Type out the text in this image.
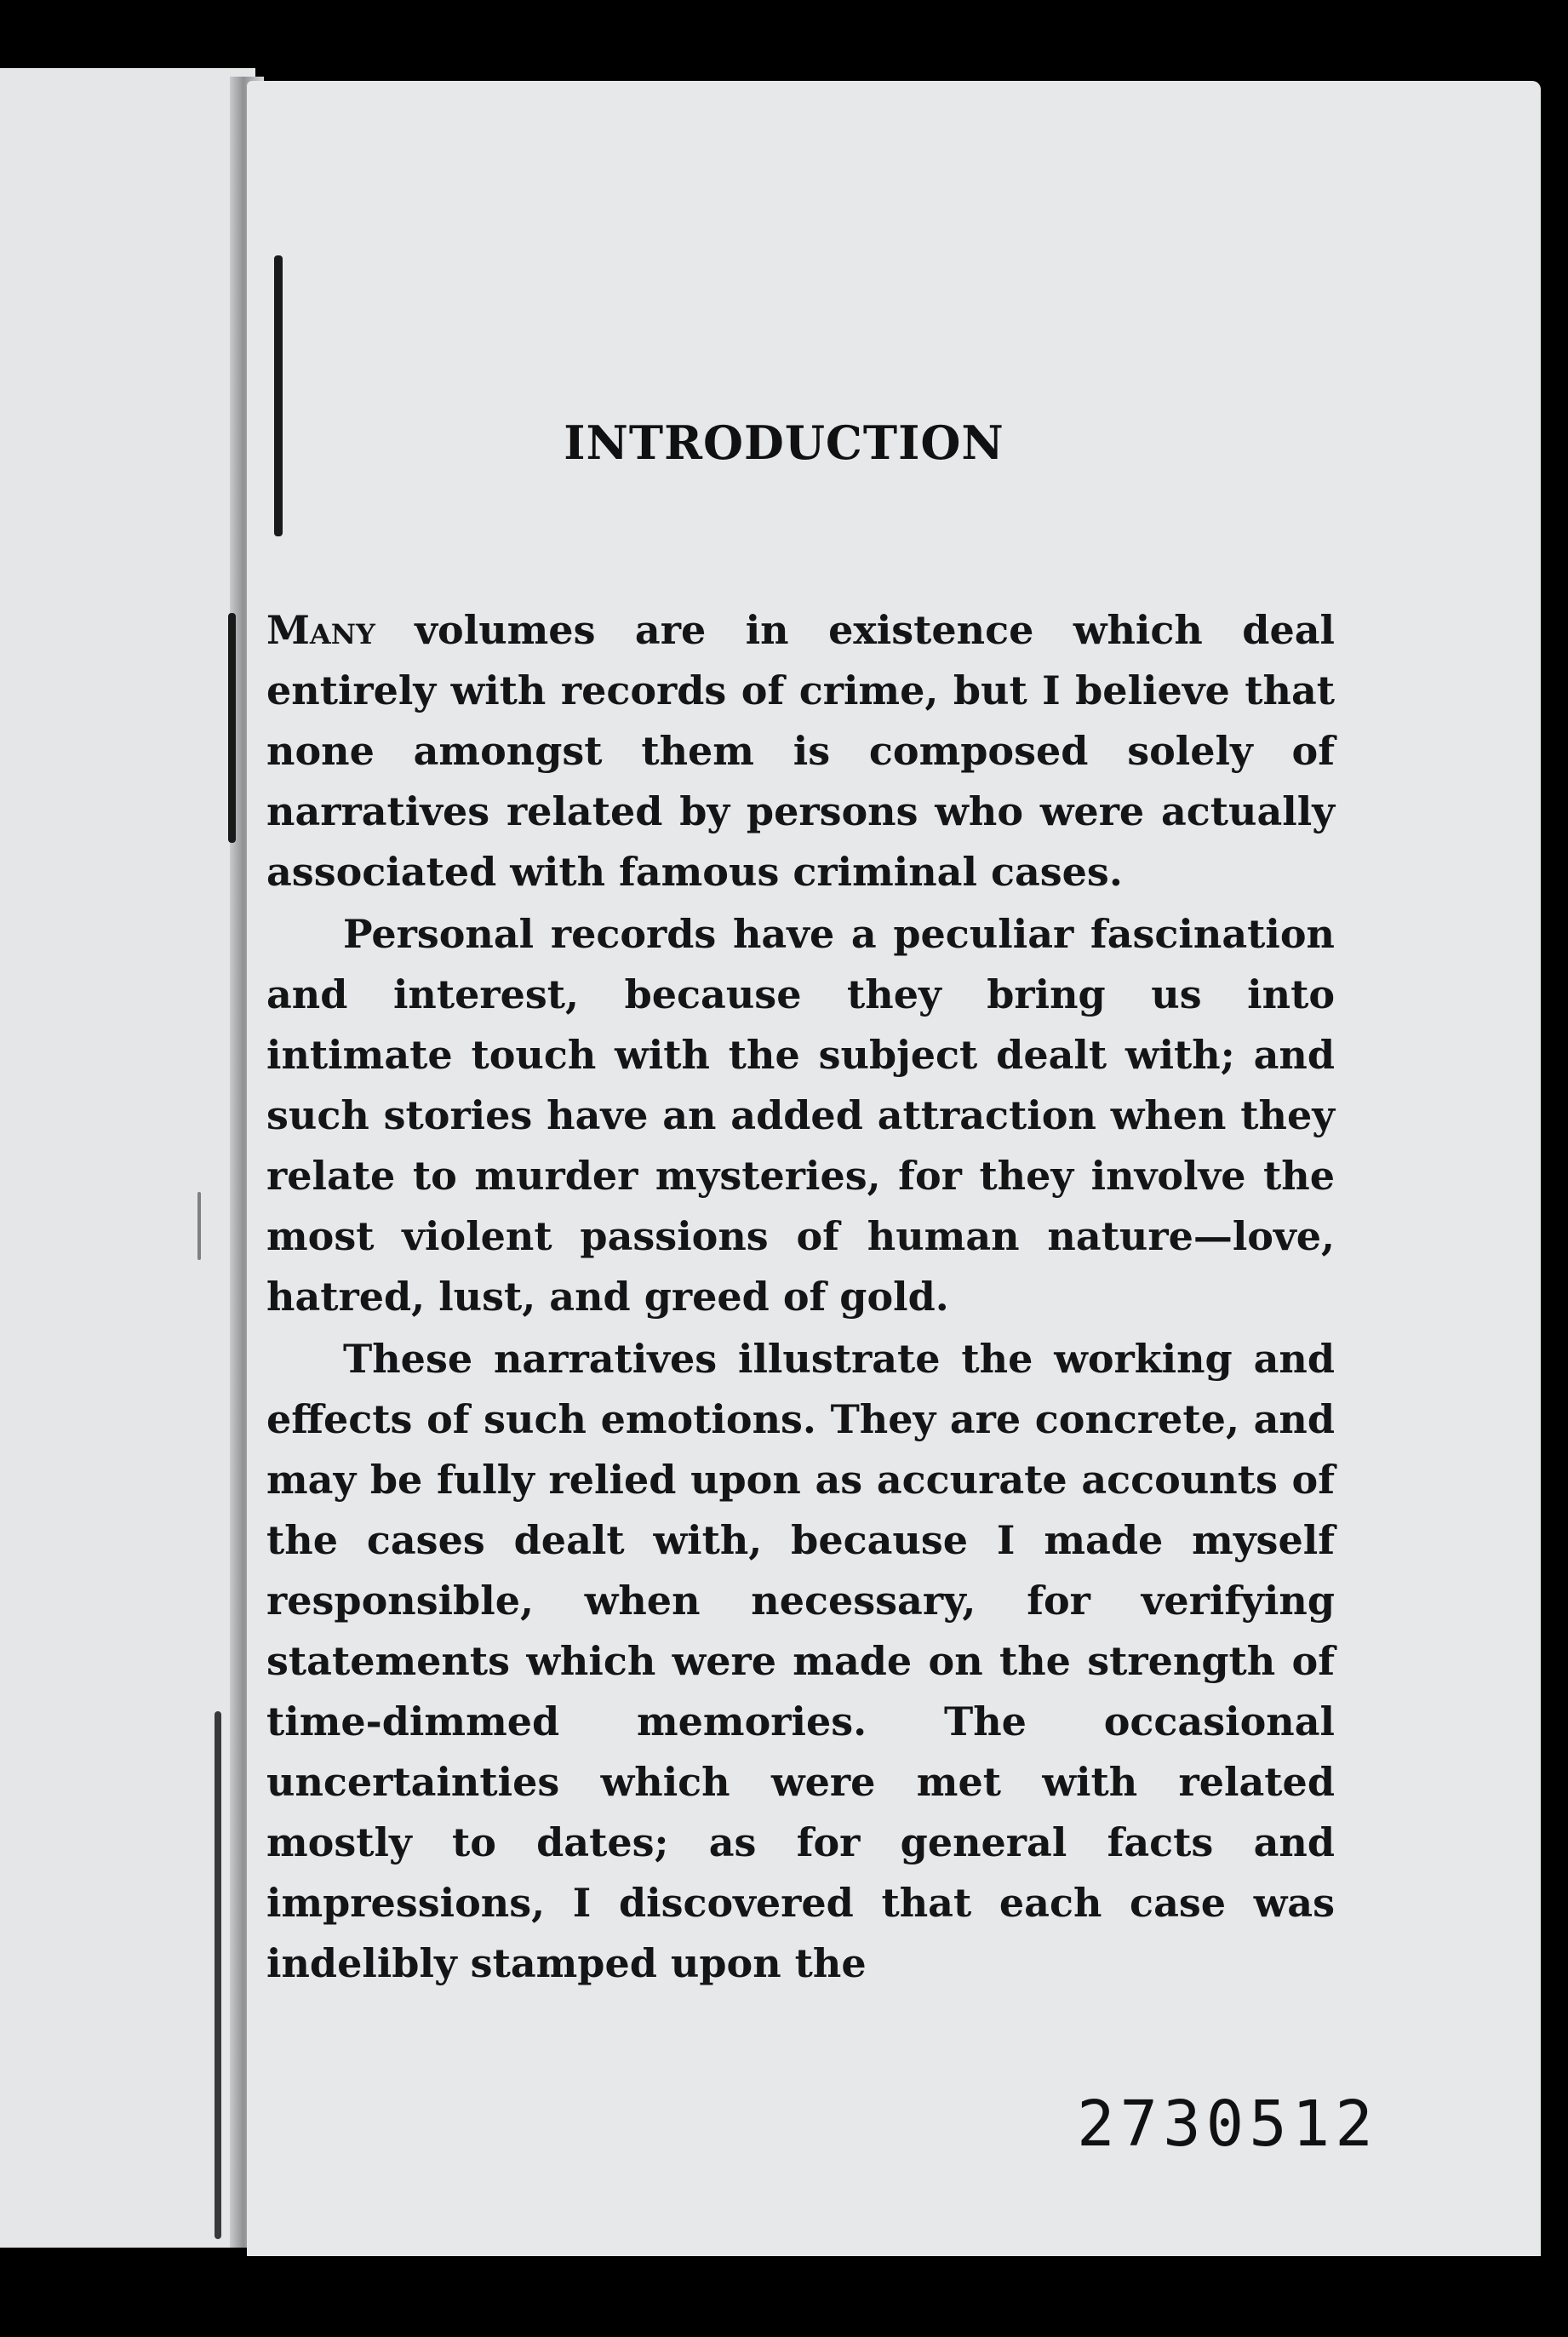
INTRODUCTION

Many volumes are in existence which deal entirely with records of crime, but I believe that none amongst them is composed solely of narratives related by persons who were actually associated with famous criminal cases.

Personal records have a peculiar fascination and interest, because they bring us into intimate touch with the subject dealt with; and such stories have an added attraction when they relate to murder mysteries, for they involve the most violent passions of human nature—love, hatred, lust, and greed of gold.

These narratives illustrate the working and effects of such emotions. They are concrete, and may be fully relied upon as accurate accounts of the cases dealt with, because I made myself responsible, when necessary, for verifying statements which were made on the strength of time-dimmed memories. The occasional uncertainties which were met with related mostly to dates; as for general facts and impressions, I discovered that each case was indelibly stamped upon the

2730512
